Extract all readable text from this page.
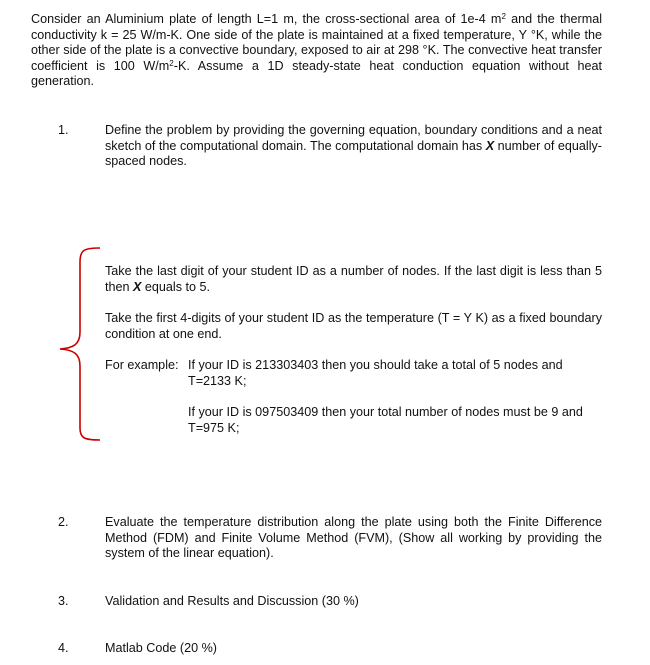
Consider an Aluminium plate of length L=1 m, the cross-sectional area of 1e-4 $m^2$ and the thermal conductivity k = 25 W/m-K. One side of the plate is maintained at a fixed temperature, Y °K, while the other side of the plate is a convective boundary, exposed to air at 298 °K. The convective heat transfer coefficient is 100 $W/m^2-K$. Assume a 1D steady-state heat conduction equation without heat generation.

1.	Define the problem by providing the governing equation, boundary conditions and a neat sketch of the computational domain. The computational domain has X number of equally-spaced nodes.

Take the last digit of your student ID as a number of nodes. If the last digit is less than 5 then X equals to 5.

Take the first 4-digits of your student ID as the temperature (T = Y K) as a fixed boundary condition at one end.

For example: If your ID is 213303403 then you should take a total of 5 nodes and T=2133 K;

If your ID is 097503409 then your total number of nodes must be 9 and T=975 K;

2.	Evaluate the temperature distribution along the plate using both the Finite Difference Method (FDM) and Finite Volume Method (FVM), (Show all working by providing the system of the linear equation).

3.	Validation and Results and Discussion (30 %)

4.	Matlab Code (20 %)
